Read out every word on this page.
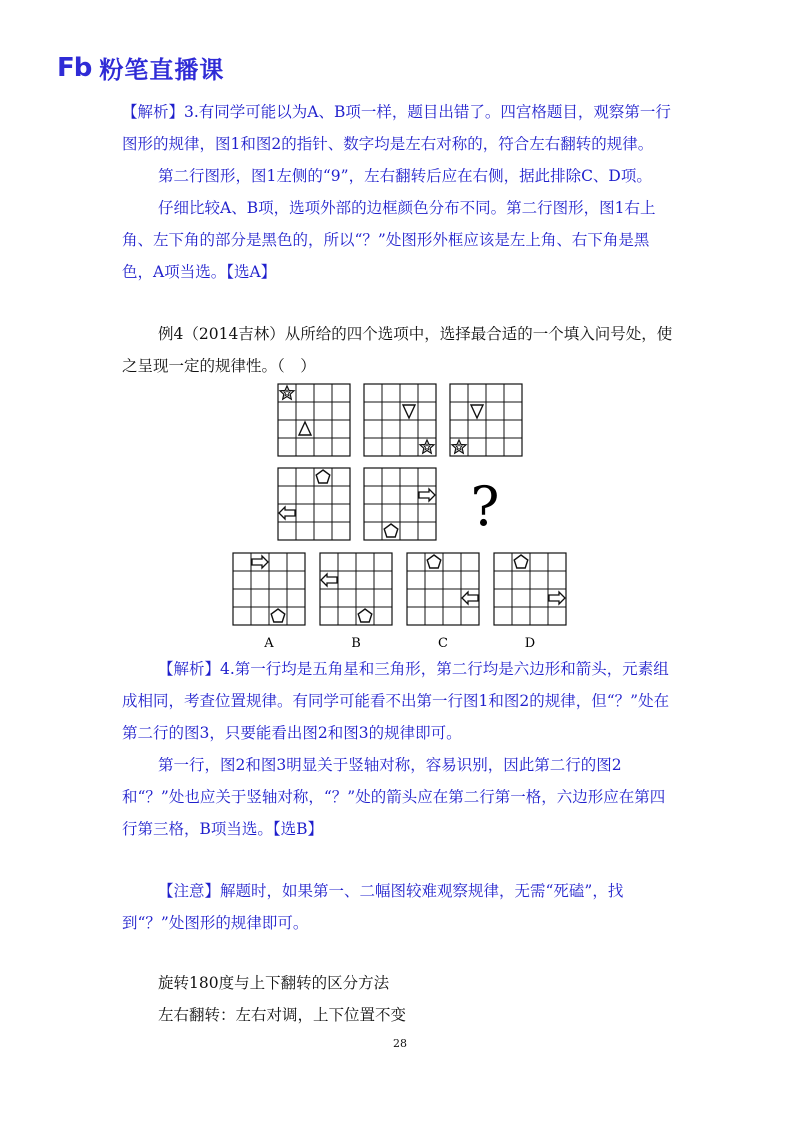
Fb 粉笔直播课
【解析】3.有同学可能以为A、B项一样，题目出错了。四宫格题目，观察第一行图形的规律，图1和图2的指针、数字均是左右对称的，符合左右翻转的规律。
第二行图形，图1左侧的“9”，左右翻转后应在右侧，据此排除C、D项。
仔细比较A、B项，选项外部的边框颜色分布不同。第二行图形，图1右上角、左下角的部分是黑色的，所以“？”处图形外框应该是左上角、右下角是黑色，A项当选。【选A】
例4（2014吉林）从所给的四个选项中，选择最合适的一个填入问号处，使之呈现一定的规律性。（　）
?
A	B	C	D
【解析】4.第一行均是五角星和三角形，第二行均是六边形和箭头，元素组成相同，考查位置规律。有同学可能看不出第一行图1和图2的规律，但“？”处在第二行的图3，只要能看出图2和图3的规律即可。
第一行，图2和图3明显关于竖轴对称，容易识别，因此第二行的图2和“？”处也应关于竖轴对称，“？”处的箭头应在第二行第一格，六边形应在第四行第三格，B项当选。【选B】
【注意】解题时，如果第一、二幅图较难观察规律，无需“死磕”，找到“？”处图形的规律即可。
旋转180度与上下翻转的区分方法
左右翻转：左右对调，上下位置不变
28
